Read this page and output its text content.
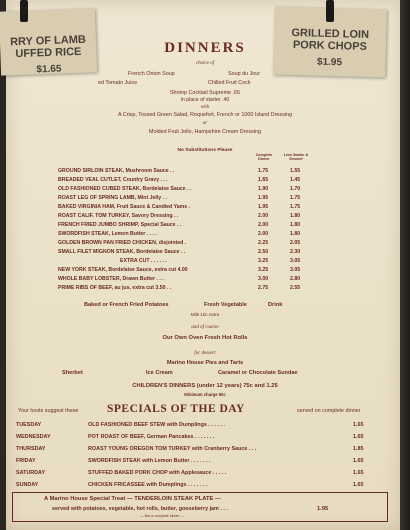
RRY OF LAMB
UFFED RICE
$1.65
GRILLED LOIN
PORK CHOPS
$1.95
DINNERS
choice of
French Onion Soup	Soup du Jour
ed Tomato Juice	Chilled Fruit Cock
Shrimp Cocktail Supreme .65
in place of starter .40
with
A Crisp, Tossed Green Salad, Roquefort, French or 1000 Island Dressing
or
Molded Fruit Jello, Hampshire Cream Dressing
No Substitutions Please
Complete Dinner
Less Starter & Dessert
GROUND SIRLOIN STEAK, Mushroom Sauce . .	1.75	1.55
BREADED VEAL CUTLET, Country Gravy . . .	1.65	1.45
OLD FASHIONED CUBED STEAK, Bordelaise Sauce . .	1.90	1.70
ROAST LEG OF SPRING LAMB, Mint Jelly . .	1.95	1.75
BAKED VIRGINIA HAM, Fruit Sauce & Candied Yams .	1.95	1.75
ROAST CALIF. TOM TURKEY, Savory Dressing . .	2.00	1.80
FRENCH FRIED JUMBO SHRIMP, Special Sauce . .	2.00	1.80
SWORDFISH STEAK, Lemon Butter . . . .	2.00	1.80
GOLDEN BROWN PAN FRIED CHICKEN, disjointed .	2.25	2.05
SMALL FILET MIGNON STEAK, Bordelaise Sauce . .	2.50	2.30
EXTRA CUT . . . . . .	3.25	3.05
NEW YORK STEAK, Bordelaise Sauce, extra cut 4.00	3.25	3.05
WHOLE BABY LOBSTER, Drawn Butter . . .	3.00	2.80
PRIME RIBS OF BEEF, au jus, extra cut 3.50 . .	2.75	2.55
Baked or French Fried Potatoes	Fresh Vegetable	Drink
Milk 10c extra
and of course
Our Own Oven Fresh Hot Rolls
for dessert
Marino House Pies and Tarts
Sherbet	Ice Cream	Caramel or Chocolate Sundae
CHILDREN'S DINNERS (under 12 years) 75c and 1.25
Minimum charge 50c
Your hosts suggest these SPECIALS OF THE DAY	served on complete dinner
TUESDAY	OLD FASHIONED BEEF STEW with Dumplings . . . . . .	1.65
WEDNESDAY	POT ROAST OF BEEF, German Pancakes . . . . . . .	1.65
THURSDAY	ROAST YOUNG OREGON TOM TURKEY with Cranberry Sauce . . .	1.85
FRIDAY	SWORDFISH STEAK with Lemon Butter . . . . . . .	1.65
SATURDAY	STUFFED BAKED PORK CHOP with Applesauce . . . . .	1.65
SUNDAY	CHICKEN FRICASSEE with Dumplings . . . . . . .	1.65
A Marino House Special Treat — TENDERLOIN STEAK PLATE —
served with potatoes, vegetable, hot rolls, butter, gooseberry jam . . .	1.95
— Not a complete dinner —
